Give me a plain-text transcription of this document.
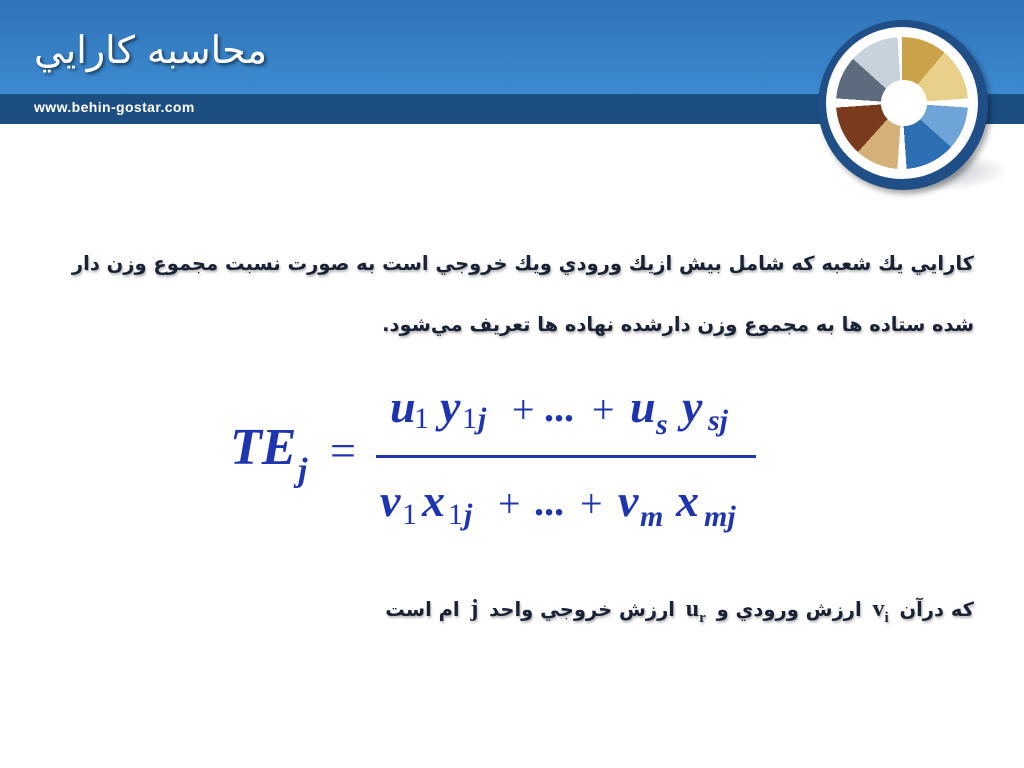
محاسبه كارايي
www.behin-gostar.com
كارايي يك شعبه كه شامل بيش ازيك ورودي ويك خروجي است به صورت نسبت مجموع وزن دار
شده ستاده ها به مجموع وزن دارشده نهاده ها تعريف مي‌شود.
TE j =
u
1 y 1 j + ... + u s y sj
v 1 x 1 j + ... + v m x mj
كه درآن $v_i$ ارزش ورودي و $u_r$ ارزش خروجي واحد j ام است
